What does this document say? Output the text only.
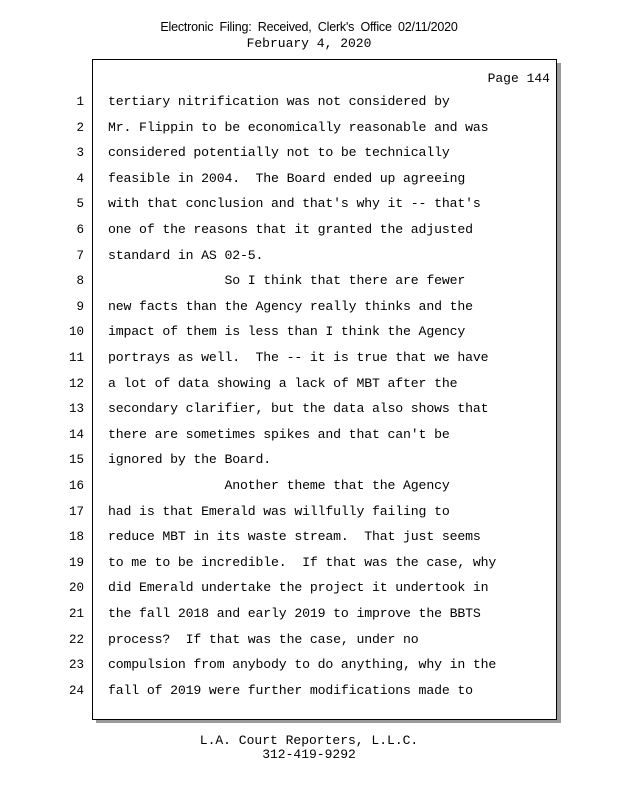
Electronic Filing: Received, Clerk's Office 02/11/2020
February 4, 2020
Page 144
1 tertiary nitrification was not considered by
2 Mr. Flippin to be economically reasonable and was
3 considered potentially not to be technically
4 feasible in 2004.  The Board ended up agreeing
5 with that conclusion and that's why it -- that's
6 one of the reasons that it granted the adjusted
7 standard in AS 02-5.
8 So I think that there are fewer
9 new facts than the Agency really thinks and the
10 impact of them is less than I think the Agency
11 portrays as well.  The -- it is true that we have
12 a lot of data showing a lack of MBT after the
13 secondary clarifier, but the data also shows that
14 there are sometimes spikes and that can't be
15 ignored by the Board.
16 Another theme that the Agency
17 had is that Emerald was willfully failing to
18 reduce MBT in its waste stream.  That just seems
19 to me to be incredible.  If that was the case, why
20 did Emerald undertake the project it undertook in
21 the fall 2018 and early 2019 to improve the BBTS
22 process?  If that was the case, under no
23 compulsion from anybody to do anything, why in the
24 fall of 2019 were further modifications made to
L.A. Court Reporters, L.L.C.
312-419-9292
